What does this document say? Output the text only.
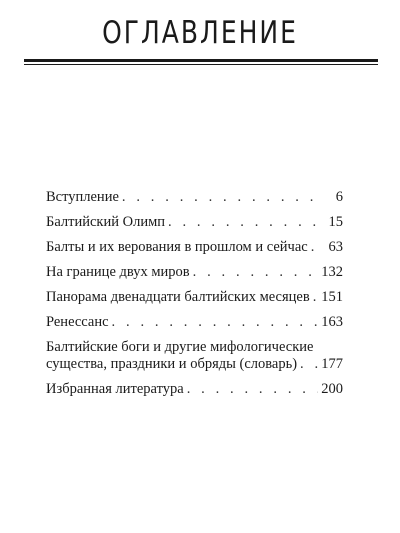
ОГЛАВЛЕНИЕ
Вступление . . .	6
Балтийский Олимп . . .	15
Балты и их верования в прошлом и сейчас . . .	63
На границе двух миров . . .	132
Панорама двенадцати балтийских месяцев . . . 151
Ренессанс . . .	163
Балтийские боги и другие мифологические
существа, праздники и обряды (словарь) . . . 177
Избранная литература . . .	200
